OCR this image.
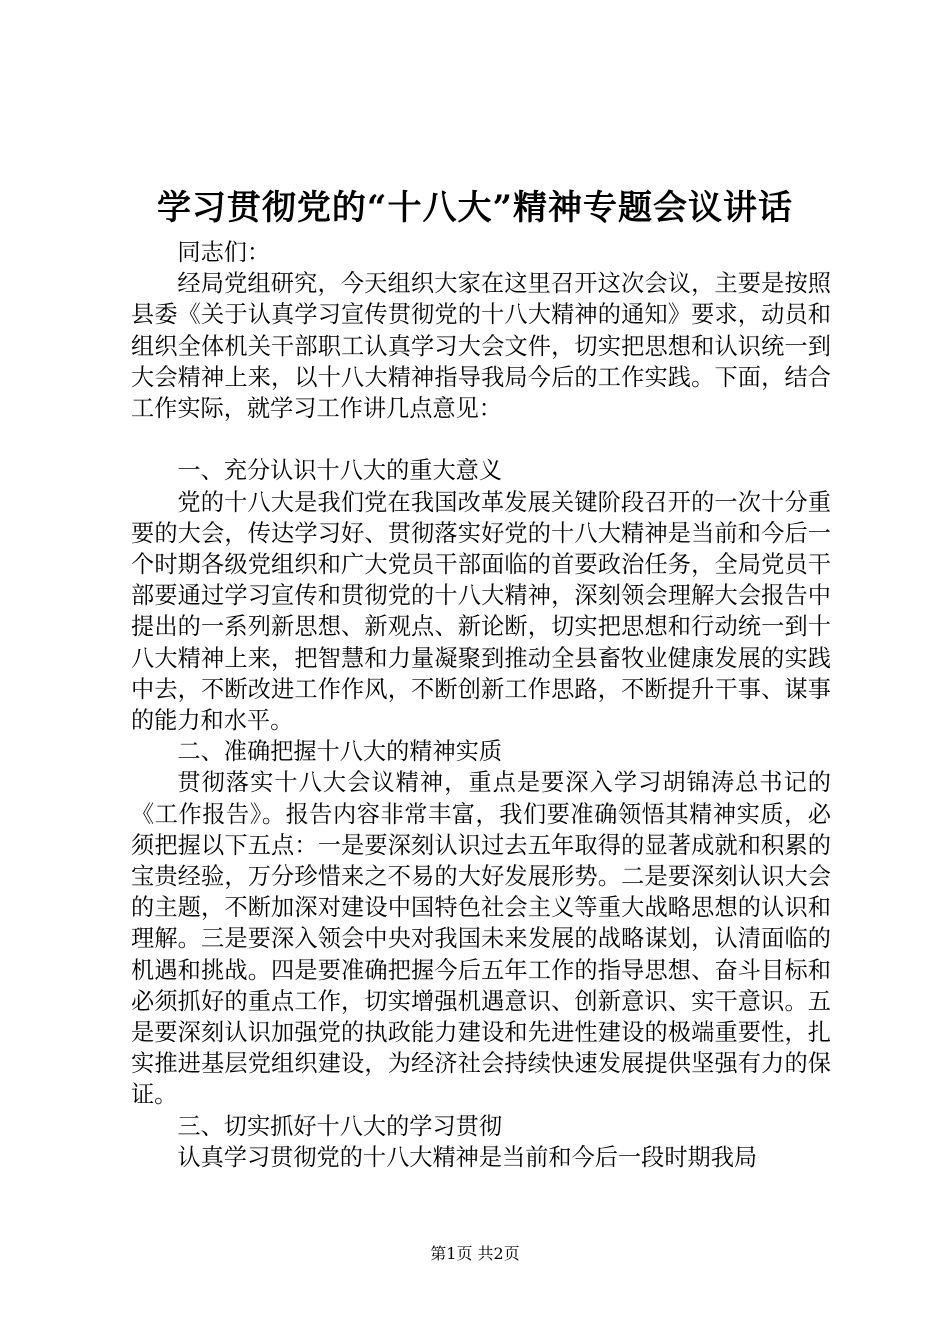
学习贯彻党的“十八大”精神专题会议讲话

同志们：

经局党组研究，今天组织大家在这里召开这次会议，主要是按照县委《关于认真学习宣传贯彻党的十八大精神的通知》要求，动员和组织全体机关干部职工认真学习大会文件，切实把思想和认识统一到大会精神上来，以十八大精神指导我局今后的工作实践。下面，结合工作实际，就学习工作讲几点意见：

一、充分认识十八大的重大意义

党的十八大是我们党在我国改革发展关键阶段召开的一次十分重要的大会，传达学习好、贯彻落实好党的十八大精神是当前和今后一个时期各级党组织和广大党员干部面临的首要政治任务，全局党员干部要通过学习宣传和贯彻党的十八大精神，深刻领会理解大会报告中提出的一系列新思想、新观点、新论断，切实把思想和行动统一到十八大精神上来，把智慧和力量凝聚到推动全县畜牧业健康发展的实践中去，不断改进工作作风，不断创新工作思路，不断提升干事、谋事的能力和水平。

二、准确把握十八大的精神实质

贯彻落实十八大会议精神，重点是要深入学习胡锦涛总书记的《工作报告》。报告内容非常丰富，我们要准确领悟其精神实质，必须把握以下五点：一是要深刻认识过去五年取得的显著成就和积累的宝贵经验，万分珍惜来之不易的大好发展形势。二是要深刻认识大会的主题，不断加深对建设中国特色社会主义等重大战略思想的认识和理解。三是要深入领会中央对我国未来发展的战略谋划，认清面临的机遇和挑战。四是要准确把握今后五年工作的指导思想、奋斗目标和必须抓好的重点工作，切实增强机遇意识、创新意识、实干意识。五是要深刻认识加强党的执政能力建设和先进性建设的极端重要性，扎实推进基层党组织建设，为经济社会持续快速发展提供坚强有力的保证。

三、切实抓好十八大的学习贯彻

认真学习贯彻党的十八大精神是当前和今后一段时期我局

第1页 共2页
